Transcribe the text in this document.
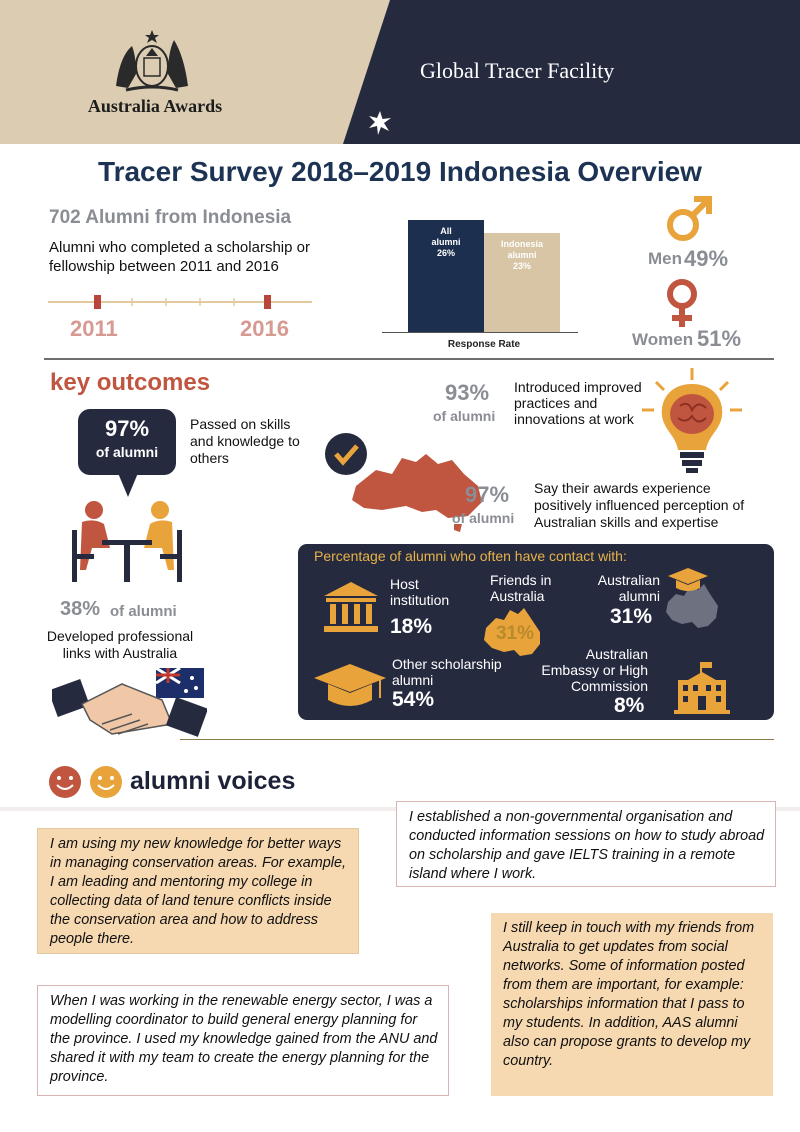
Australia Awards
Global Tracer Facility
Tracer Survey 2018–2019 Indonesia Overview
702 Alumni from Indonesia
Alumni who completed a scholarship or fellowship between 2011 and 2016
2011	2016
All
alumni
26%
Indonesia
alumni
23%
Response Rate
Men 49%
Women 51%
key outcomes
97%
of alumni
Passed on skills and knowledge to others
38% of alumni
Developed professional links with Australia
93%
of alumni
Introduced improved practices and innovations at work
97%
of alumni
Say their awards experience positively influenced perception of Australian skills and expertise
Percentage of alumni who often have contact with:
Host institution
18%
Friends in Australia
31%
Australian alumni
31%
Other scholarship alumni
54%
Australian Embassy or High Commission
8%
alumni voices
I am using my new knowledge for better ways in managing conservation areas. For example, I am leading and mentoring my college in collecting data of land tenure conflicts inside the conservation area and how to address people there.
I established a non-governmental organisation and conducted information sessions on how to study abroad on scholarship and gave IELTS training in a remote island where I work.
I still keep in touch with my friends from Australia to get updates from social networks. Some of information posted from them are important, for example: scholarships information that I pass to my students. In addition, AAS alumni also can propose grants to develop my country.
When I was working in the renewable energy sector, I was a modelling coordinator to build general energy planning for the province. I used my knowledge gained from the ANU and shared it with my team to create the energy planning for the province.
